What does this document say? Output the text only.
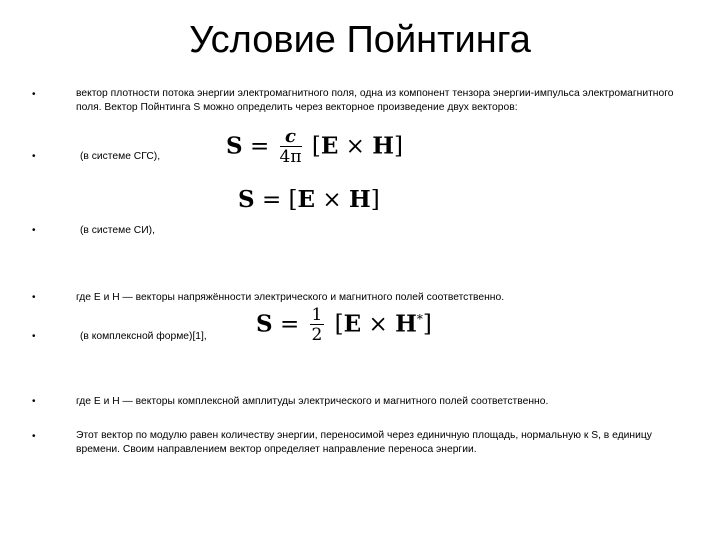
Условие Пойнтинга
•	вектор плотности потока энергии электромагнитного поля, одна из компонент тензора энергии-импульса электромагнитного поля. Вектор Пойнтинга S можно определить через векторное произведение двух векторов:
•	(в системе СГС),	$S = \frac{c}{4\pi} [E \times H]$
S = [E × H]
•	(в системе СИ),
•	где E и H — векторы напряжённости электрического и магнитного полей соответственно.
$S = \frac{1}{2} [E \times H^*]$
•	(в комплексной форме)[1],
•	где E и H — векторы комплексной амплитуды электрического и магнитного полей соответственно.
•	Этот вектор по модулю равен количеству энергии, переносимой через единичную площадь, нормальную к S, в единицу времени. Своим направлением вектор определяет направление переноса энергии.
